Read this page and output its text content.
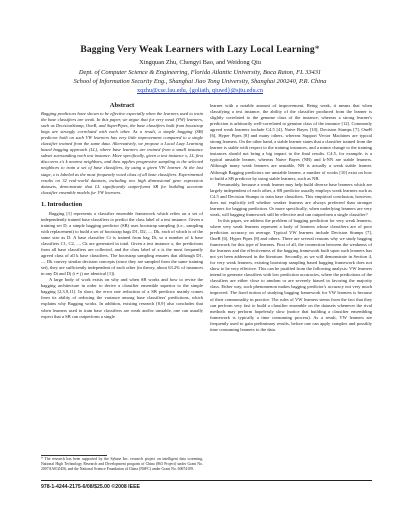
Bagging Very Weak Learners with Lazy Local Learning*
Xingquan Zhu, Chengyi Bao, and Weidong Qiu
Dept. of Computer Science & Engineering, Florida Atlantic University, Boca Raton, FL 33431
School of Information Security Eng., Shanghai Jiao Tong University, Shanghai 200240, P.R. China
xqzhu@cse.fau.edu, {goliath, qiuwd}@sjtu.edu.cn
Abstract

Bagging predictors have shown to be effective especially when the learners used to train the base classifiers are weak. In this paper, we argue that for very weak (VW) learners, such as DecisionStump, OneR, and SuperPipes, the base classifiers built from bootstrap bags are strongly correlated with each other. As a result, a simple bagging (SB) predictor built on such VW learners has very little improvement compared to a single classifier trained from the same data. Alternatively, we propose a Local Lazy Learning based bagging approach (LL), where base learners are trained from a small instance subset surrounding each test instance. More specifically, given a test instance x, LL first discovers x's k nearest neighbors, and then applies progressive sampling to the selected neighbors to train a set of base classifiers, by using a given VW learner. At the last stage, x is labeled as the most frequently voted class of all base classifiers. Experimental results on 32 real-world datasets, including two high dimensional gene expression datasets, demonstrate that LL significantly outperforms SB for building accurate classifier ensemble models for VW learners.

1. Introduction

Bagging [1] represents a classifier ensemble framework which relies on a set of independently trained base classifiers to predict the class label of a test instance. Given a training set D, a simple bagging predictor (SB) uses bootstrap sampling (i.e., sampling with replacement) to build a set of bootstrap bags D1, D2, ..., Dk, each of which is of the same size as D. A base classifier Ci is trained from bag Di, so a number of k base classifiers C1, C2, ..., Ck are generated in total. Given a test instance x, the predictions from all base classifiers are collected, and the class label of x is the most frequently agreed class of all k base classifiers. The bootstrap sampling ensures that although D1, ..., Dk convey similar decision concepts (since they are sampled from the same training set), they are sufficiently independent of each other (in theory, about 63.2% of instances in any Di and Dj (i ≠ j) are identical [1]).

A large body of work exists on why and when SB works and how to revise the bagging architecture in order to derive a classifier ensemble superior to the simple bagging [2,3,9,11]. In short, the error rate reduction of a SB predictor mainly comes from its ability of reducing the variance among base classifiers' predictions, which explains why Bagging works. In addition, existing research [8,9] also concludes that when learners used to train base classifiers are weak and/or unstable, one can usually expect that a SB can outperform a single

learner with a notable amount of improvement. Being weak, it means that when classifying a test instance, the ability of the classifier produced from the learner is slightly correlated to the genuine class of the instance, whereas a strong learner's prediction is arbitrarily well-correlated to genuine class of the instance [12]. Commonly agreed weak learners include C4.5 [4], Naive Bayes [10], Decision Stumps [7], OneR [6], Hyper Pipes [8] and many others, whereas Support Vector Machines are typical strong learners. On the other hand, a stable learner states that a classifier trained from the learner is stable with respect to the training instances, and a minor change to the training instances should not bring a big impact to the final results. C4.5, for example, is a typical unstable learner, whereas Naive Bayes (NB) and k-NN are stable learners. Although many weak learners are unstable, NB is actually a weak stable learner. Although Bagging predictors are unstable learner, a number of works [10] exist on how to build a SB predictor by using stable learners, such as NB.

Presumably, because a weak learner may help build diverse base learners which are largely independent of each other, a SB predictor usually employs weak learners such as C4.5 and Decision Stumps to train base classifiers. This empirical conclusion, however, does not explicitly tell whether weaker learners are always preferred than stronger learners for bagging prediction. Or more specifically, when underlying learners are very weak, will bagging framework still be effective and can outperform a single classifier?

In this paper, we address the problem of bagging prediction for very weak learners, where very weak learners represent a body of learners whose classifiers are of poor prediction accuracy on average. Typical VW learners include Decision Stumps [7], OneR [6], Hyper Pipes [8] and others. There are several reasons why we study bagging framework for this type of learners. First of all, the connection between the weakness of the learners and the effectiveness of the bagging framework built upon such learners has not yet been addressed in the literature. Secondly, as we will demonstrate in Section 4, for very weak learners, existing bootstrap sampling based bagging framework does not show to be very effective. This can be justified from the following analysis: VW learners intend to generate classifiers with low prediction accuracies, where the predictions of the classifiers are either close to random or are severely biased in favoring the majority class. Either way, such phenomenon makes bagging predictor's accuracy not very much improved. The fixed notion of studying bagging framework for VW learners is because of their commonality in practice. The rules of VW learners stems from the fact that they can perform very fast to build a classifier ensemble on the datasets whenever the rival methods may perform hopelessly slow (notice that building a classifier ensembling framework is typically a time consuming process). As a result, VW learners are frequently used to gain preliminary results, before one can apply complex and possibly time consuming learners to the data.

* The research has been supported by the Sybase Inc. research project on intelligent data screening, National High Technology Research and Development program of China (863 Project) under Grant No. 2007AA01Z456, and the National Science Foundation of China (NSFC) under Grant No. 60674109.
978-1-4244-2175-6/08/$25.00 ©2008 IEEE
